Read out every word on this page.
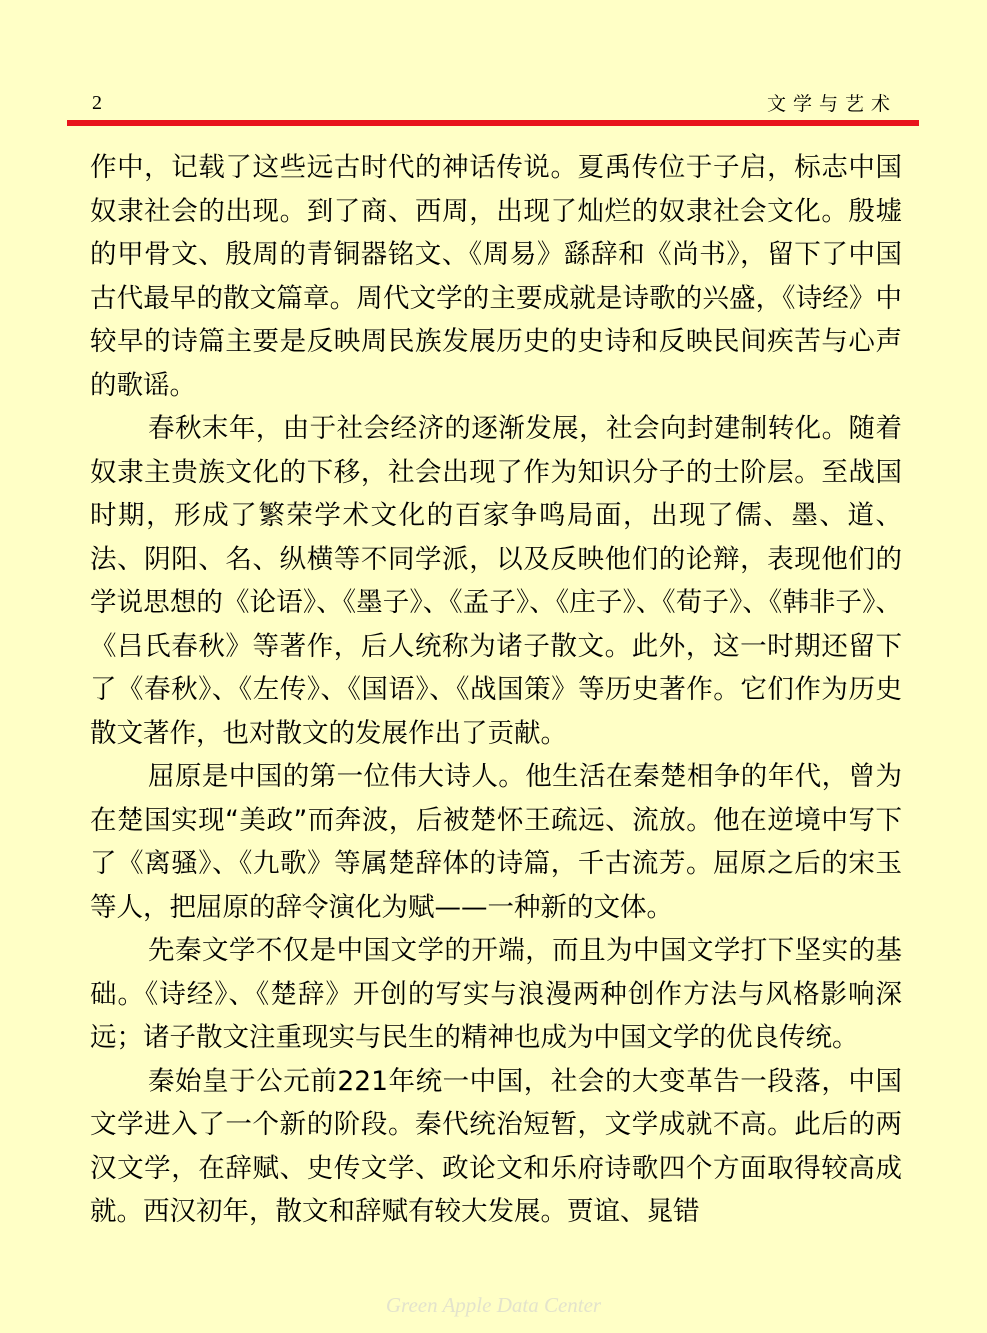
2	文学与艺术

作中，记载了这些远古时代的神话传说。夏禹传位于子启，标志中国奴隶社会的出现。到了商、西周，出现了灿烂的奴隶社会文化。殷墟的甲骨文、殷周的青铜器铭文、《周易》繇辞和《尚书》，留下了中国古代最早的散文篇章。周代文学的主要成就是诗歌的兴盛，《诗经》中较早的诗篇主要是反映周民族发展历史的史诗和反映民间疾苦与心声的歌谣。

春秋末年，由于社会经济的逐渐发展，社会向封建制转化。随着奴隶主贵族文化的下移，社会出现了作为知识分子的士阶层。至战国时期，形成了繁荣学术文化的百家争鸣局面，出现了儒、墨、道、法、阴阳、名、纵横等不同学派，以及反映他们的论辩，表现他们的学说思想的《论语》、《墨子》、《孟子》、《庄子》、《荀子》、《韩非子》、《吕氏春秋》等著作，后人统称为诸子散文。此外，这一时期还留下了《春秋》、《左传》、《国语》、《战国策》等历史著作。它们作为历史散文著作，也对散文的发展作出了贡献。

屈原是中国的第一位伟大诗人。他生活在秦楚相争的年代，曾为在楚国实现“美政”而奔波，后被楚怀王疏远、流放。他在逆境中写下了《离骚》、《九歌》等属楚辞体的诗篇，千古流芳。屈原之后的宋玉等人，把屈原的辞令演化为赋——一种新的文体。

先秦文学不仅是中国文学的开端，而且为中国文学打下坚实的基础。《诗经》、《楚辞》开创的写实与浪漫两种创作方法与风格影响深远；诸子散文注重现实与民生的精神也成为中国文学的优良传统。

秦始皇于公元前221年统一中国，社会的大变革告一段落，中国文学进入了一个新的阶段。秦代统治短暂，文学成就不高。此后的两汉文学，在辞赋、史传文学、政论文和乐府诗歌四个方面取得较高成就。西汉初年，散文和辞赋有较大发展。贾谊、晁错

Green Apple Data Center
